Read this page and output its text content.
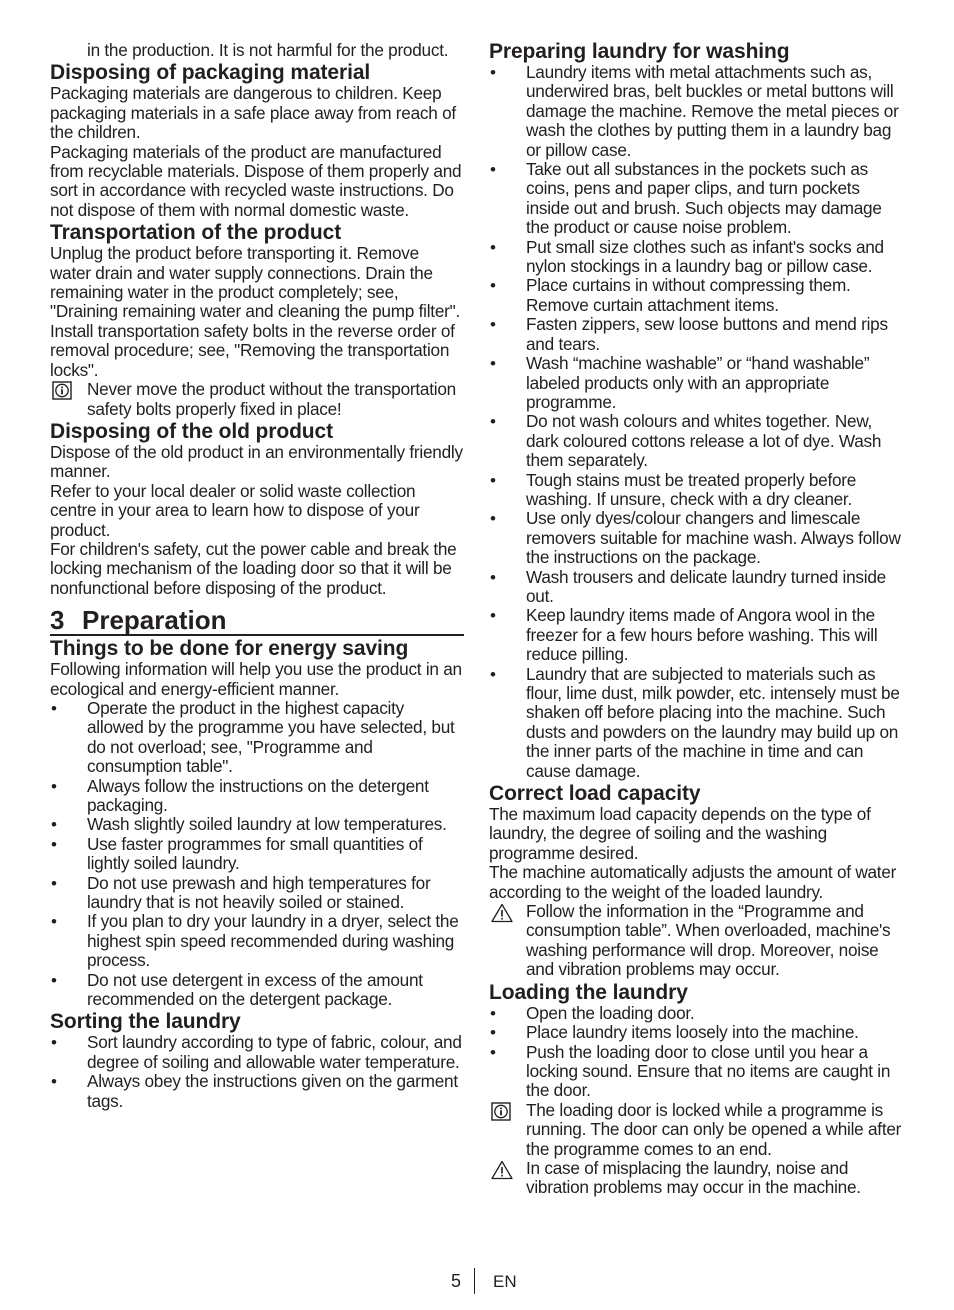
in the production. It is not harmful for the product.

Disposing of packaging material

Packaging materials are dangerous to children. Keep packaging materials in a safe place away from reach of the children.

Packaging materials of the product are manufactured from recyclable materials. Dispose of them properly and sort in accordance with recycled waste instructions. Do not dispose of them with normal domestic waste.

Transportation of the product

Unplug the product before transporting it. Remove water drain and water supply connections. Drain the remaining water in the product completely; see, "Draining remaining water and cleaning the pump filter". Install transportation safety bolts in the reverse order of removal procedure; see, "Removing the transportation locks".

Never move the product without the transportation safety bolts properly fixed in place!

Disposing of the old product

Dispose of the old product in an environmentally friendly manner.

Refer to your local dealer or solid waste collection centre in your area to learn how to dispose of your product.

For children's safety, cut the power cable and break the locking mechanism of the loading door so that it will be nonfunctional before disposing of the product.

3 Preparation
Things to be done for energy saving

Following information will help you use the product in an ecological and energy-efficient manner.

• Operate the product in the highest capacity allowed by the programme you have selected, but do not overload; see, "Programme and consumption table".

• Always follow the instructions on the detergent packaging.

• Wash slightly soiled laundry at low temperatures.

• Use faster programmes for small quantities of lightly soiled laundry.

• Do not use prewash and high temperatures for laundry that is not heavily soiled or stained.

• If you plan to dry your laundry in a dryer, select the highest spin speed recommended during washing process.

• Do not use detergent in excess of the amount recommended on the detergent package.

Sorting the laundry
• Sort laundry according to type of fabric, colour, and degree of soiling and allowable water temperature.

• Always obey the instructions given on the garment tags.

Preparing laundry for washing
• Laundry items with metal attachments such as, underwired bras, belt buckles or metal buttons will damage the machine. Remove the metal pieces or wash the clothes by putting them in a laundry bag or pillow case.

• Take out all substances in the pockets such as coins, pens and paper clips, and turn pockets inside out and brush. Such objects may damage the product or cause noise problem.

• Put small size clothes such as infant's socks and nylon stockings in a laundry bag or pillow case.

• Place curtains in without compressing them. Remove curtain attachment items.

• Fasten zippers, sew loose buttons and mend rips and tears.

• Wash “machine washable” or “hand washable” labeled products only with an appropriate programme.

• Do not wash colours and whites together. New, dark coloured cottons release a lot of dye. Wash them separately.

• Tough stains must be treated properly before washing. If unsure, check with a dry cleaner.

• Use only dyes/colour changers and limescale removers suitable for machine wash. Always follow the instructions on the package.

• Wash trousers and delicate laundry turned inside out.

• Keep laundry items made of Angora wool in the freezer for a few hours before washing. This will reduce pilling.

• Laundry that are subjected to materials such as flour, lime dust, milk powder, etc. intensely must be shaken off before placing into the machine. Such dusts and powders on the laundry may build up on the inner parts of the machine in time and can cause damage.

Correct load capacity

The maximum load capacity depends on the type of laundry, the degree of soiling and the washing programme desired.

The machine automatically adjusts the amount of water according to the weight of the loaded laundry.

Follow the information in the “Programme and consumption table”. When overloaded, machine's washing performance will drop. Moreover, noise and vibration problems may occur.

Loading the laundry
• Open the loading door.

• Place laundry items loosely into the machine.

• Push the loading door to close until you hear a locking sound. Ensure that no items are caught in the door.

The loading door is locked while a programme is running. The door can only be opened a while after the programme comes to an end.

In case of misplacing the laundry, noise and vibration problems may occur in the machine.

5 EN
